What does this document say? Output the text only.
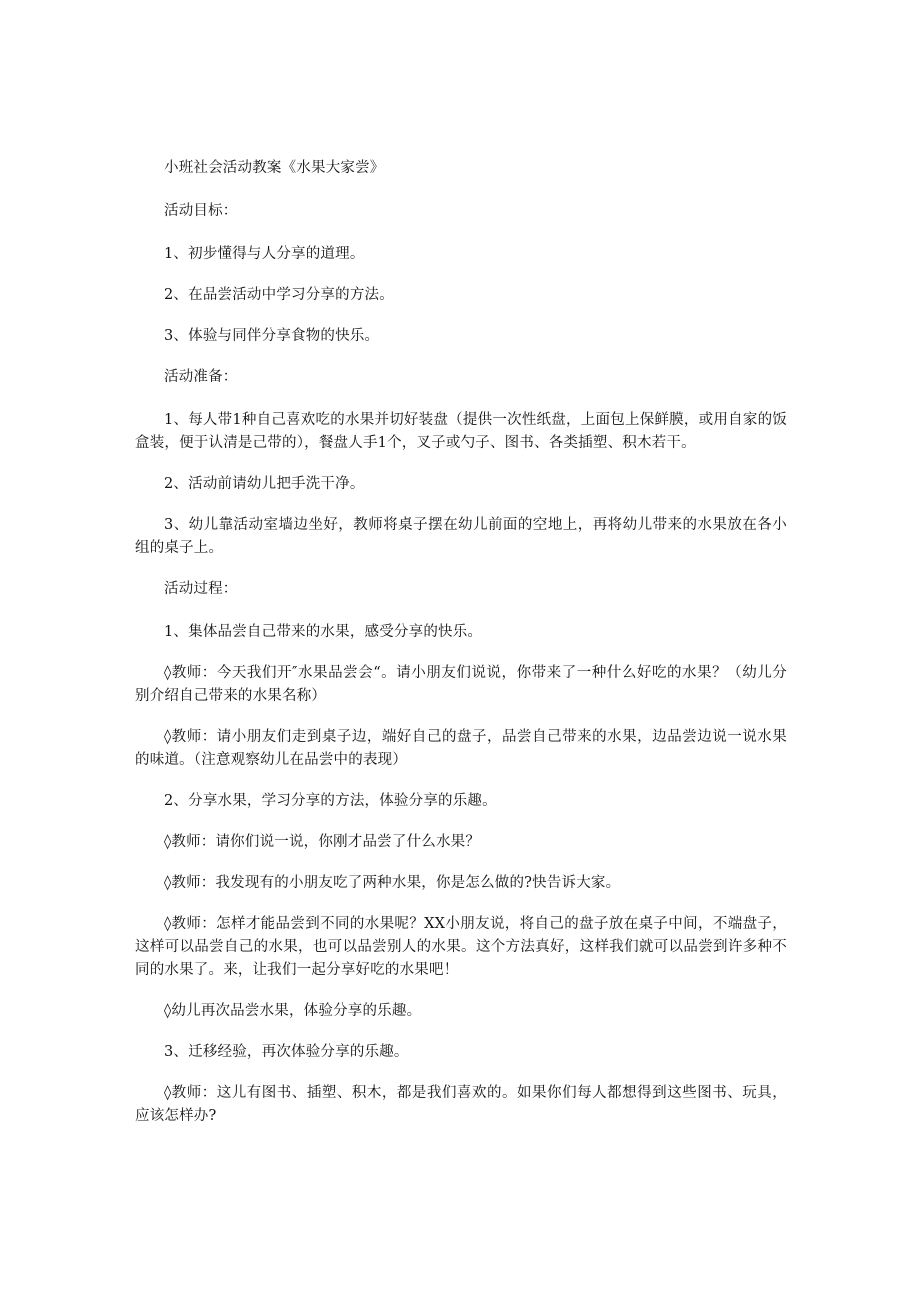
小班社会活动教案《水果大家尝》

活动目标：

1、初步懂得与人分享的道理。

2、在品尝活动中学习分享的方法。

3、体验与同伴分享食物的快乐。

活动准备：

1、每人带1种自己喜欢吃的水果并切好装盘（提供一次性纸盘，上面包上保鲜膜，或用自家的饭盒装，便于认清是己带的），餐盘人手1个，叉子或勺子、图书、各类插塑、积木若干。

2、活动前请幼儿把手洗干净。

3、幼儿靠活动室墙边坐好，教师将桌子摆在幼儿前面的空地上，再将幼儿带来的水果放在各小组的桌子上。

活动过程：

1、集体品尝自己带来的水果，感受分享的快乐。

◊教师：今天我们开″水果品尝会“。请小朋友们说说，你带来了一种什么好吃的水果？（幼儿分别介绍自己带来的水果名称）

◊教师：请小朋友们走到桌子边，端好自己的盘子，品尝自己带来的水果，边品尝边说一说水果的味道。（注意观察幼儿在品尝中的表现）

2、分享水果，学习分享的方法，体验分享的乐趣。

◊教师：请你们说一说，你刚才品尝了什么水果？

◊教师：我发现有的小朋友吃了两种水果，你是怎么做的?快告诉大家。

◊教师：怎样才能品尝到不同的水果呢？XX小朋友说，将自己的盘子放在桌子中间，不端盘子，这样可以品尝自己的水果，也可以品尝别人的水果。这个方法真好，这样我们就可以品尝到许多种不同的水果了。来，让我们一起分享好吃的水果吧！

◊幼儿再次品尝水果，体验分享的乐趣。

3、迁移经验，再次体验分享的乐趣。

◊教师：这儿有图书、插塑、积木，都是我们喜欢的。如果你们每人都想得到这些图书、玩具，应该怎样办?
